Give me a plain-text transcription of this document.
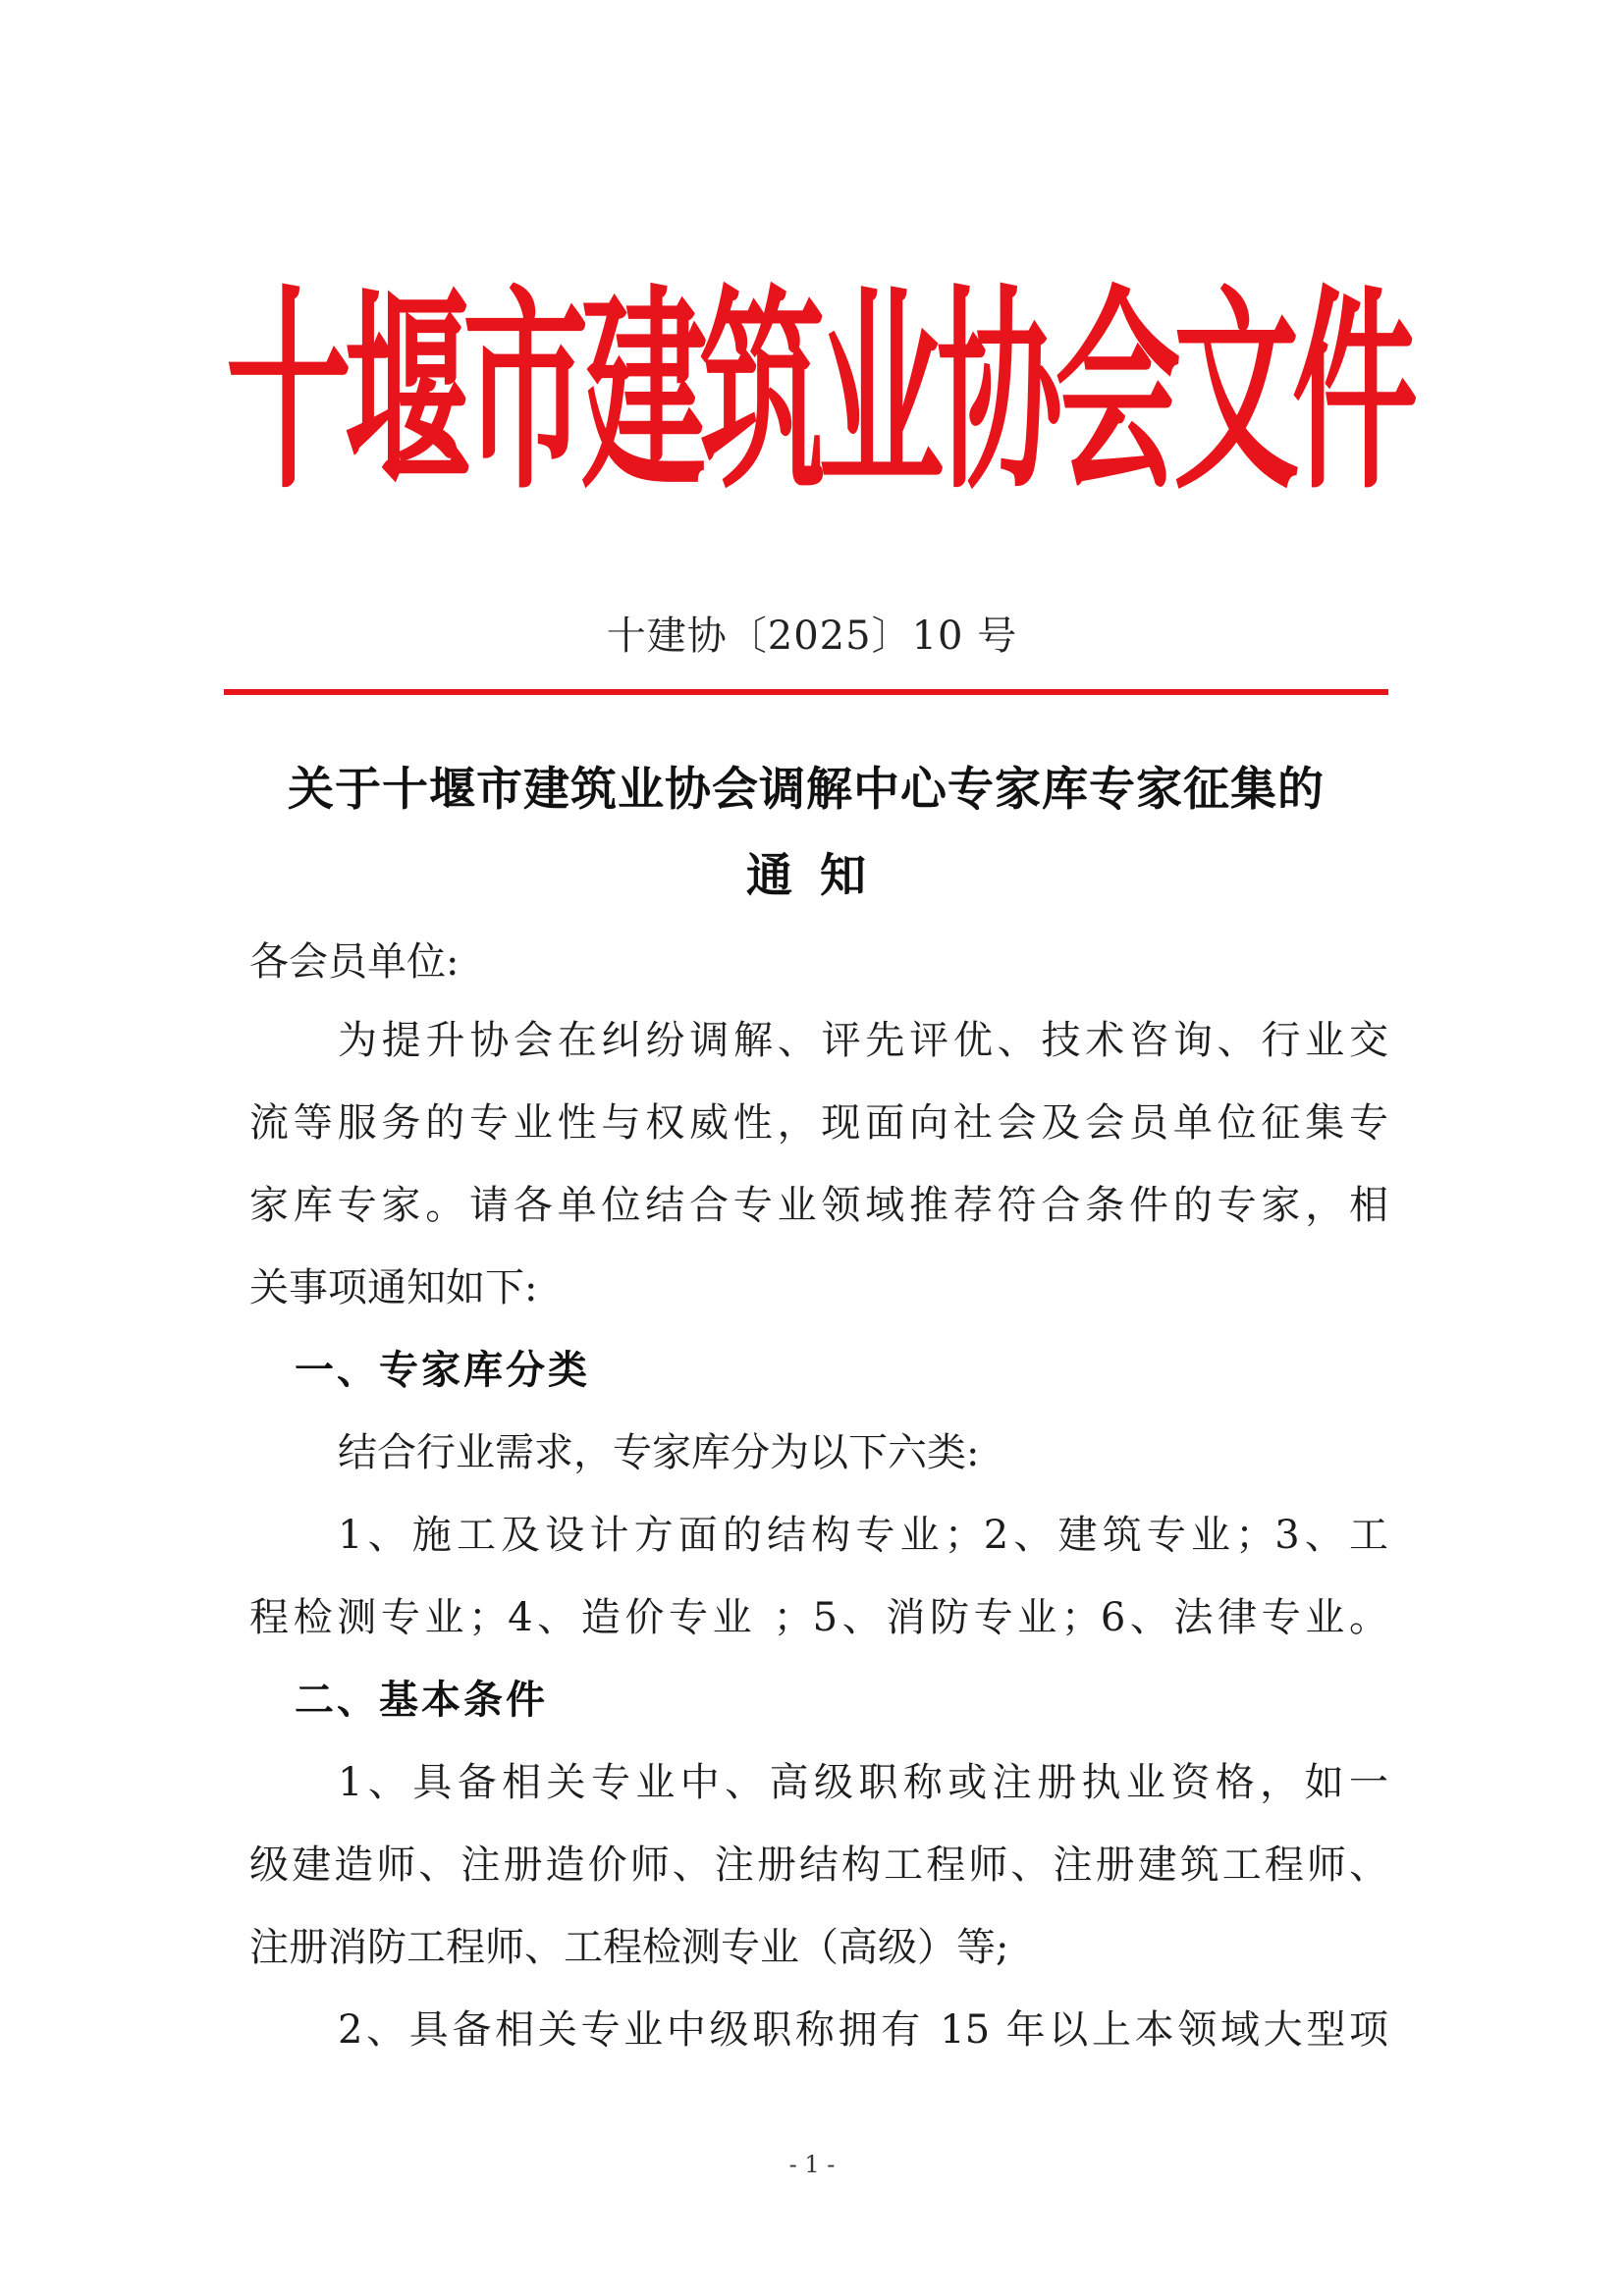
十
堰
市
建
筑
业
协
会
文
件
十建协〔2025〕10 号
关于十堰市建筑业协会调解中心专家库专家征集的
通知
各会员单位:
为提升协会在纠纷调解、评先评优、技术咨询、行业交
流等服务的专业性与权威性，现面向社会及会员单位征集专
家库专家。请各单位结合专业领域推荐符合条件的专家，相
关事项通知如下:
一、专家库分类
结合行业需求，专家库分为以下六类:
1、施工及设计方面的结构专业；2、建筑专业；3、工
程检测专业；4、造价专业 ；5、消防专业；6、法律专业。
二、基本条件
1、具备相关专业中、高级职称或注册执业资格，如一
级建造师、注册造价师、注册结构工程师、注册建筑工程师、
注册消防工程师、工程检测专业（高级）等;
2、具备相关专业中级职称拥有 15 年以上本领域大型项
- 1 -
